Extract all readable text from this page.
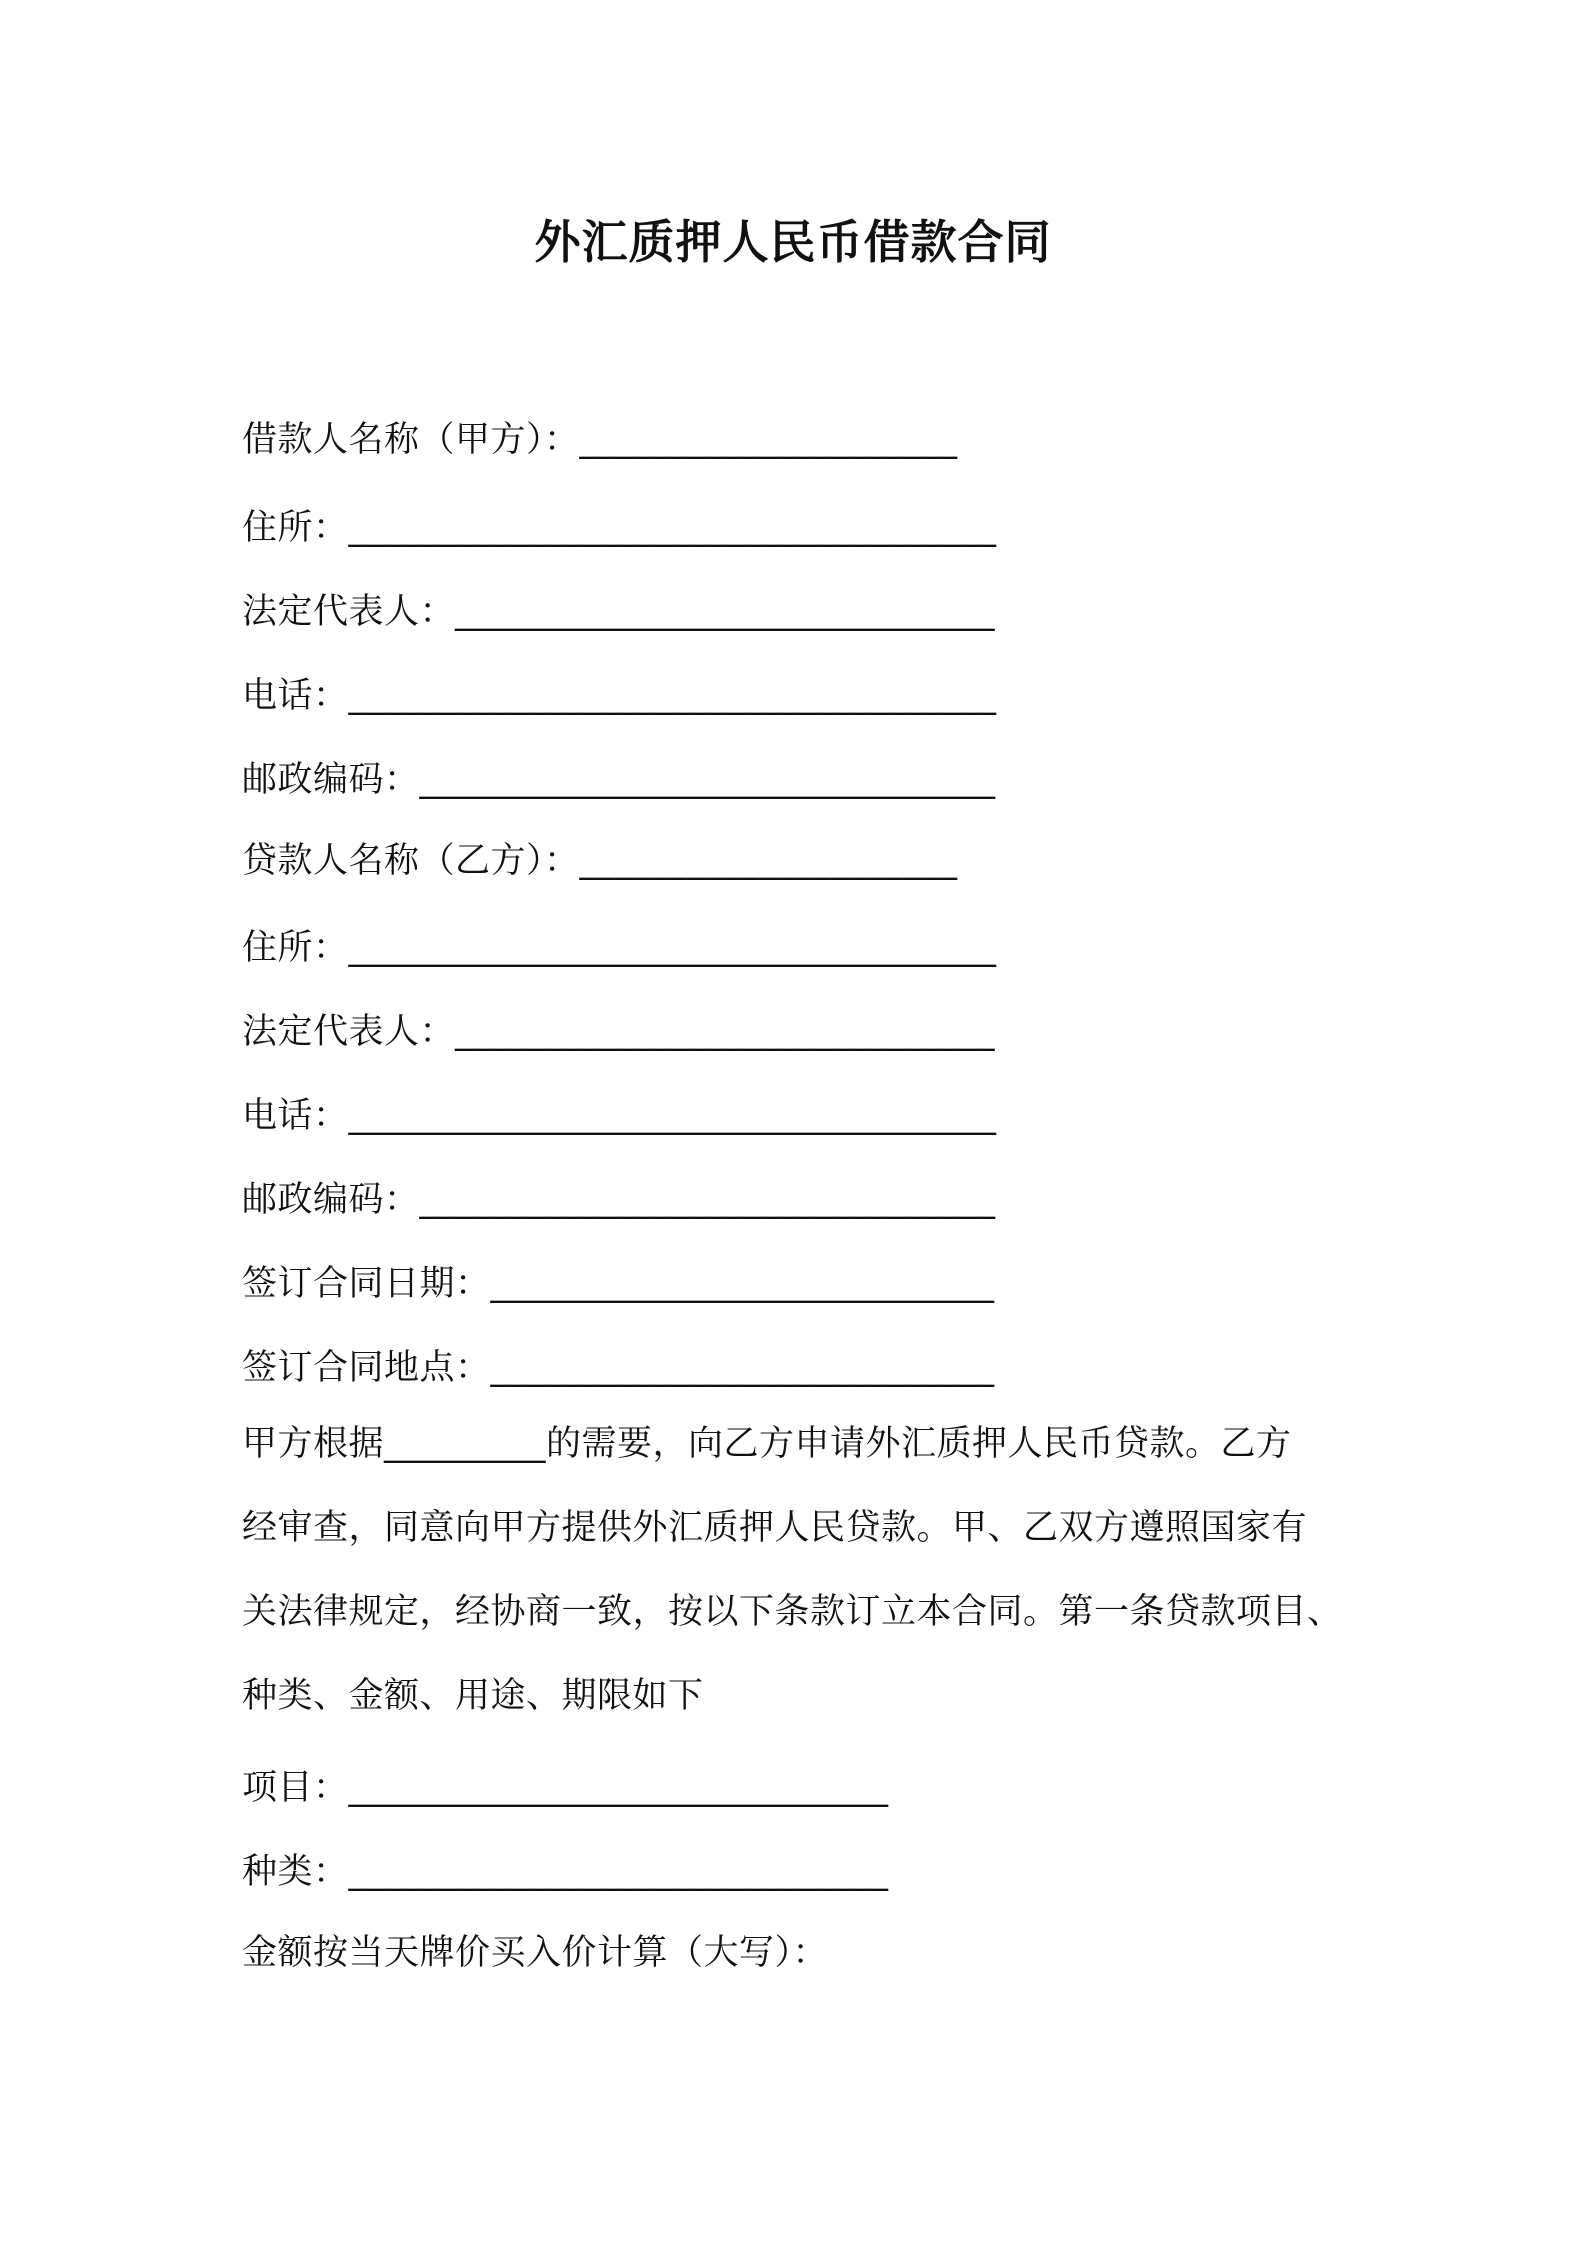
外汇质押人民币借款合同
借款人名称（甲方）：_____________________
住所：____________________________________
法定代表人：______________________________
电话：____________________________________
邮政编码：________________________________
贷款人名称（乙方）：_____________________
住所：____________________________________
法定代表人：______________________________
电话：____________________________________
邮政编码：________________________________
签订合同日期：____________________________
签订合同地点：____________________________
甲方根据_________的需要，向乙方申请外汇质押人民币贷款。乙方
经审查，同意向甲方提供外汇质押人民贷款。甲、乙双方遵照国家有
关法律规定，经协商一致，按以下条款订立本合同。第一条贷款项目、
种类、金额、用途、期限如下
项目：______________________________
种类：______________________________
金额按当天牌价买入价计算（大写）：
